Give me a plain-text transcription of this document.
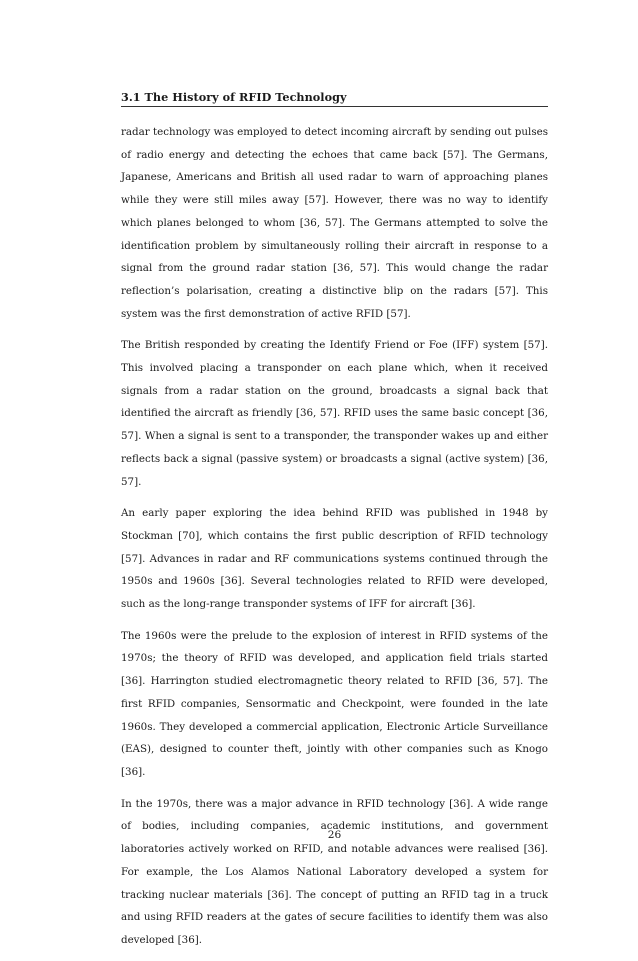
3.1 The History of RFID Technology

radar technology was employed to detect incoming aircraft by sending out pulses of radio energy and detecting the echoes that came back [57]. The Germans, Japanese, Americans and British all used radar to warn of approaching planes while they were still miles away [57]. However, there was no way to identify which planes belonged to whom [36, 57]. The Germans attempted to solve the identification problem by simultaneously rolling their aircraft in response to a signal from the ground radar station [36, 57]. This would change the radar reflection’s polarisation, creating a distinctive blip on the radars [57]. This system was the first demonstration of active RFID [57].

The British responded by creating the Identify Friend or Foe (IFF) system [57]. This involved placing a transponder on each plane which, when it received signals from a radar station on the ground, broadcasts a signal back that identified the aircraft as friendly [36, 57]. RFID uses the same basic concept [36, 57]. When a signal is sent to a transponder, the transponder wakes up and either reflects back a signal (passive system) or broadcasts a signal (active system) [36, 57].

An early paper exploring the idea behind RFID was published in 1948 by Stockman [70], which contains the first public description of RFID technology [57]. Advances in radar and RF communications systems continued through the 1950s and 1960s [36]. Several technologies related to RFID were developed, such as the long-range transponder systems of IFF for aircraft [36].

The 1960s were the prelude to the explosion of interest in RFID systems of the 1970s; the theory of RFID was developed, and application field trials started [36]. Harrington studied electromagnetic theory related to RFID [36, 57]. The first RFID companies, Sensormatic and Checkpoint, were founded in the late 1960s. They developed a commercial application, Electronic Article Surveillance (EAS), designed to counter theft, jointly with other companies such as Knogo [36].

In the 1970s, there was a major advance in RFID technology [36]. A wide range of bodies, including companies, academic institutions, and government laboratories actively worked on RFID, and notable advances were realised [36]. For example, the Los Alamos National Laboratory developed a system for tracking nuclear materials [36]. The concept of putting an RFID tag in a truck and using RFID readers at the gates of secure facilities to identify them was also developed [36].

26
